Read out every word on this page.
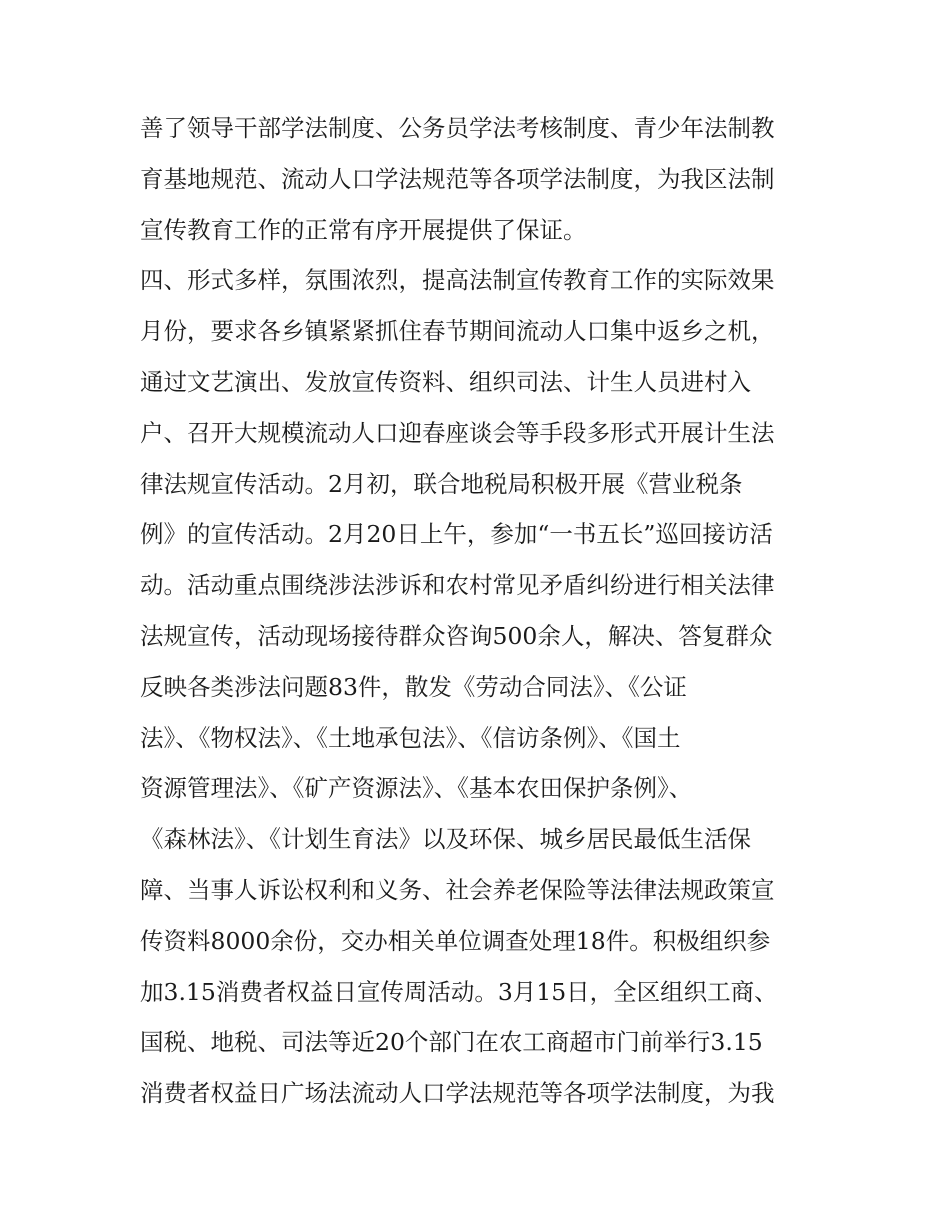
善了领导干部学法制度、公务员学法考核制度、青少年法制教
育基地规范、流动人口学法规范等各项学法制度，为我区法制
宣传教育工作的正常有序开展提供了保证。
四、形式多样，氛围浓烈，提高法制宣传教育工作的实际效果
月份，要求各乡镇紧紧抓住春节期间流动人口集中返乡之机，
通过文艺演出、发放宣传资料、组织司法、计生人员进村入
户、召开大规模流动人口迎春座谈会等手段多形式开展计生法
律法规宣传活动。2月初，联合地税局积极开展《营业税条
例》的宣传活动。2月20日上午，参加“一书五长”巡回接访活
动。活动重点围绕涉法涉诉和农村常见矛盾纠纷进行相关法律
法规宣传，活动现场接待群众咨询500余人，解决、答复群众
反映各类涉法问题83件，散发《劳动合同法》、《公证
法》、《物权法》、《土地承包法》、《信访条例》、《国土
资源管理法》、《矿产资源法》、《基本农田保护条例》、
《森林法》、《计划生育法》以及环保、城乡居民最低生活保
障、当事人诉讼权利和义务、社会养老保险等法律法规政策宣
传资料8000余份，交办相关单位调查处理18件。积极组织参
加3.15消费者权益日宣传周活动。3月15日，全区组织工商、
国税、地税、司法等近20个部门在农工商超市门前举行3.15
消费者权益日广场法流动人口学法规范等各项学法制度，为我
